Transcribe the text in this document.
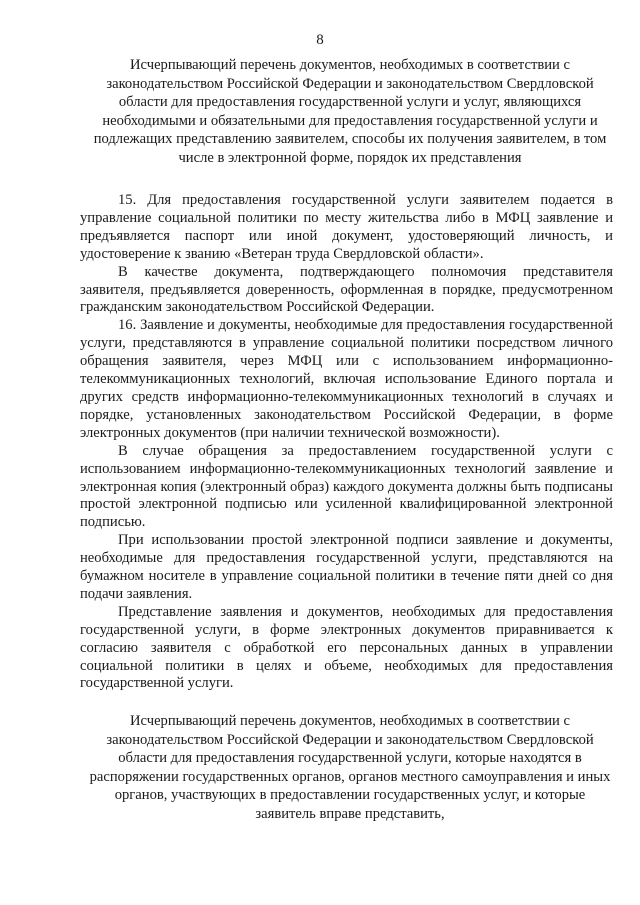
8
Исчерпывающий перечень документов, необходимых в соответствии с законодательством Российской Федерации и законодательством Свердловской области для предоставления государственной услуги и услуг, являющихся необходимыми и обязательными для предоставления государственной услуги и подлежащих представлению заявителем, способы их получения заявителем, в том числе в электронной форме, порядок их представления

15. Для предоставления государственной услуги заявителем подается в управление социальной политики по месту жительства либо в МФЦ заявление и предъявляется паспорт или иной документ, удостоверяющий личность, и удостоверение к званию «Ветеран труда Свердловской области».

В качестве документа, подтверждающего полномочия представителя заявителя, предъявляется доверенность, оформленная в порядке, предусмотренном гражданским законодательством Российской Федерации.

16. Заявление и документы, необходимые для предоставления государственной услуги, представляются в управление социальной политики посредством личного обращения заявителя, через МФЦ или с использованием информационно-телекоммуникационных технологий, включая использование Единого портала и других средств информационно-телекоммуникационных технологий в случаях и порядке, установленных законодательством Российской Федерации, в форме электронных документов (при наличии технической возможности).

В случае обращения за предоставлением государственной услуги с использованием информационно-телекоммуникационных технологий заявление и электронная копия (электронный образ) каждого документа должны быть подписаны простой электронной подписью или усиленной квалифицированной электронной подписью.

При использовании простой электронной подписи заявление и документы, необходимые для предоставления государственной услуги, представляются на бумажном носителе в управление социальной политики в течение пяти дней со дня подачи заявления.

Представление заявления и документов, необходимых для предоставления государственной услуги, в форме электронных документов приравнивается к согласию заявителя с обработкой его персональных данных в управлении социальной политики в целях и объеме, необходимых для предоставления государственной услуги.

Исчерпывающий перечень документов, необходимых в соответствии с законодательством Российской Федерации и законодательством Свердловской области для предоставления государственной услуги, которые находятся в распоряжении государственных органов, органов местного самоуправления и иных органов, участвующих в предоставлении государственных услуг, и которые заявитель вправе представить,
